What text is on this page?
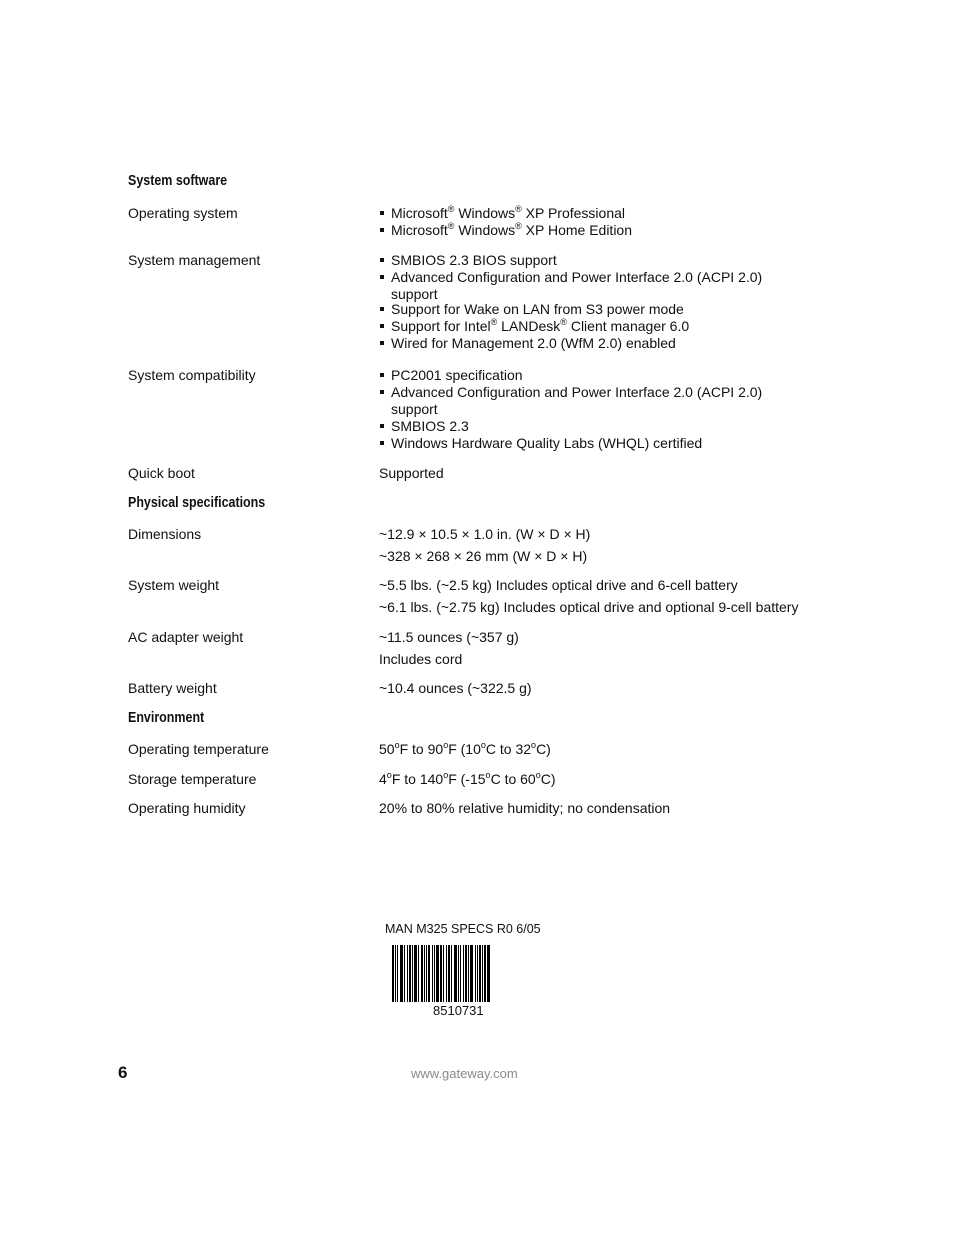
System software
Operating system	Microsoft® Windows® XP Professional
Microsoft® Windows® XP Home Edition
System management	SMBIOS 2.3 BIOS support
Advanced Configuration and Power Interface 2.0 (ACPI 2.0) support
Support for Wake on LAN from S3 power mode
Support for Intel® LANDesk® Client manager 6.0
Wired for Management 2.0 (WfM 2.0) enabled
System compatibility	PC2001 specification
Advanced Configuration and Power Interface 2.0 (ACPI 2.0) support
SMBIOS 2.3
Windows Hardware Quality Labs (WHQL) certified
Quick boot	Supported
Physical specifications
Dimensions	~12.9 × 10.5 × 1.0 in. (W × D × H)
~328 × 268 × 26 mm (W × D × H)
System weight	~5.5 lbs. (~2.5 kg) Includes optical drive and 6-cell battery
~6.1 lbs. (~2.75 kg) Includes optical drive and optional 9-cell battery
AC adapter weight	~11.5 ounces (~357 g)
Includes cord
Battery weight	~10.4 ounces (~322.5 g)
Environment
Operating temperature	50$^o$F to 90$^o$F (10$^o$C to 32$^o$C)
Storage temperature	4$^o$F to 140$^o$F (-15$^o$C to 60$^o$C)
Operating humidity	20% to 80% relative humidity; no condensation
MAN M325 SPECS R0 6/05
8510731
6	www.gateway.com
